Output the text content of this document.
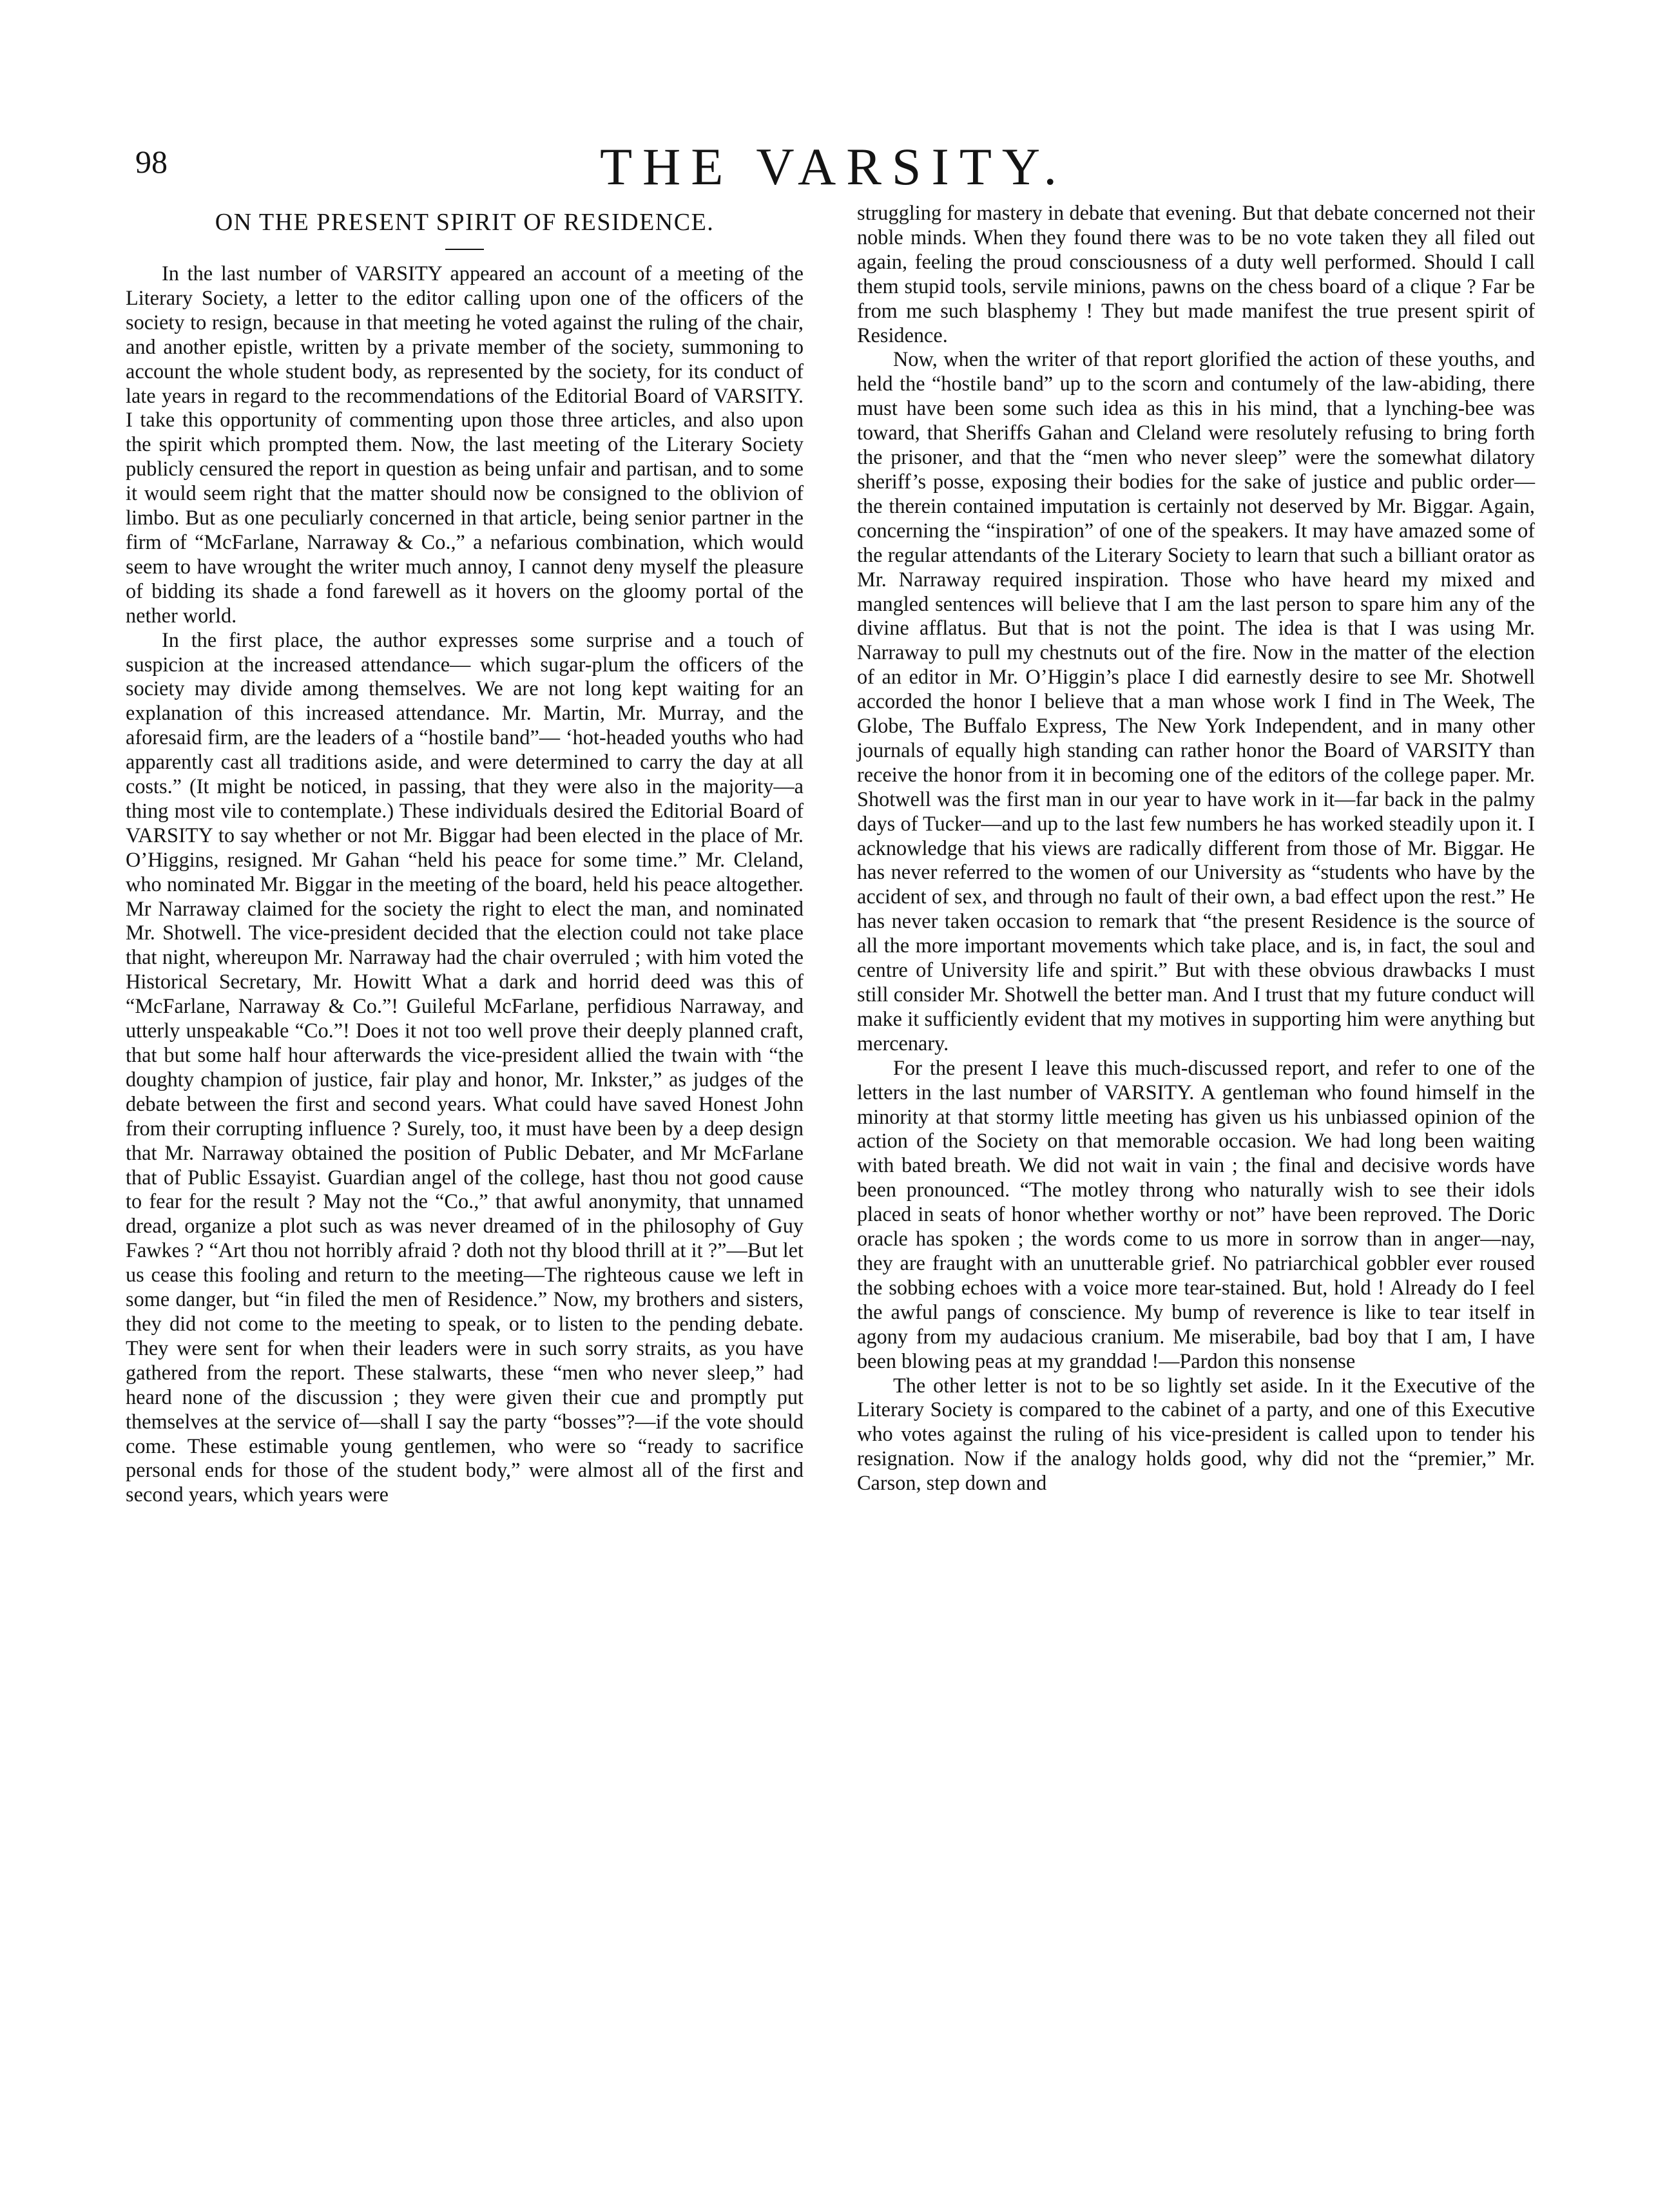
98	THE VARSITY.
ON THE PRESENT SPIRIT OF RESIDENCE.

In the last number of VARSITY appeared an account of a meeting of the Literary Society, a letter to the editor calling upon one of the officers of the society to resign, because in that meeting he voted against the ruling of the chair, and another epistle, written by a private member of the society, summoning to account the whole student body, as represented by the society, for its conduct of late years in regard to the recommendations of the Editorial Board of VARSITY. I take this opportunity of commenting upon those three articles, and also upon the spirit which prompted them. Now, the last meeting of the Literary Society publicly censured the report in question as being unfair and partisan, and to some it would seem right that the matter should now be consigned to the oblivion of limbo. But as one peculiarly concerned in that article, being senior partner in the firm of “McFarlane, Narraway & Co.,” a nefarious combination, which would seem to have wrought the writer much annoy, I cannot deny myself the pleasure of bidding its shade a fond farewell as it hovers on the gloomy portal of the nether world.

In the first place, the author expresses some surprise and a touch of suspicion at the increased attendance— which sugar-plum the officers of the society may divide among themselves. We are not long kept waiting for an explanation of this increased attendance. Mr. Martin, Mr. Murray, and the aforesaid firm, are the leaders of a “hostile band”— ‘hot-headed youths who had apparently cast all traditions aside, and were determined to carry the day at all costs.” (It might be noticed, in passing, that they were also in the majority—a thing most vile to contemplate.) These individuals desired the Editorial Board of VARSITY to say whether or not Mr. Biggar had been elected in the place of Mr. O’Higgins, resigned. Mr Gahan “held his peace for some time.” Mr. Cleland, who nominated Mr. Biggar in the meeting of the board, held his peace altogether. Mr Narraway claimed for the society the right to elect the man, and nominated Mr. Shotwell. The vice-president decided that the election could not take place that night, whereupon Mr. Narraway had the chair overruled ; with him voted the Historical Secretary, Mr. Howitt What a dark and horrid deed was this of “McFarlane, Narraway & Co.”! Guileful McFarlane, perfidious Narraway, and utterly unspeakable “Co.”! Does it not too well prove their deeply planned craft, that but some half hour afterwards the vice-president allied the twain with “the doughty champion of justice, fair play and honor, Mr. Inkster,” as judges of the debate between the first and second years. What could have saved Honest John from their corrupting influence ? Surely, too, it must have been by a deep design that Mr. Narraway obtained the position of Public Debater, and Mr McFarlane that of Public Essayist. Guardian angel of the college, hast thou not good cause to fear for the result ? May not the “Co.,” that awful anonymity, that unnamed dread, organize a plot such as was never dreamed of in the philosophy of Guy Fawkes ? “Art thou not horribly afraid ? doth not thy blood thrill at it ?”—But let us cease this fooling and return to the meeting—The righteous cause we left in some danger, but “in filed the men of Residence.” Now, my brothers and sisters, they did not come to the meeting to speak, or to listen to the pending debate. They were sent for when their leaders were in such sorry straits, as you have gathered from the report. These stalwarts, these “men who never sleep,” had heard none of the discussion ; they were given their cue and promptly put themselves at the service of—shall I say the party “bosses”?—if the vote should come. These estimable young gentlemen, who were so “ready to sacrifice personal ends for those of the student body,” were almost all of the first and second years, which years were

struggling for mastery in debate that evening. But that debate concerned not their noble minds. When they found there was to be no vote taken they all filed out again, feeling the proud consciousness of a duty well performed. Should I call them stupid tools, servile minions, pawns on the chess board of a clique ? Far be from me such blasphemy ! They but made manifest the true present spirit of Residence.

Now, when the writer of that report glorified the action of these youths, and held the “hostile band” up to the scorn and contumely of the law-abiding, there must have been some such idea as this in his mind, that a lynching-bee was toward, that Sheriffs Gahan and Cleland were resolutely refusing to bring forth the prisoner, and that the “men who never sleep” were the somewhat dilatory sheriff’s posse, exposing their bodies for the sake of justice and public order—the therein contained imputation is certainly not deserved by Mr. Biggar. Again, concerning the “inspiration” of one of the speakers. It may have amazed some of the regular attendants of the Literary Society to learn that such a billiant orator as Mr. Narraway required inspiration. Those who have heard my mixed and mangled sentences will believe that I am the last person to spare him any of the divine afflatus. But that is not the point. The idea is that I was using Mr. Narraway to pull my chestnuts out of the fire. Now in the matter of the election of an editor in Mr. O’Higgin’s place I did earnestly desire to see Mr. Shotwell accorded the honor I believe that a man whose work I find in The Week, The Globe, The Buffalo Express, The New York Independent, and in many other journals of equally high standing can rather honor the Board of VARSITY than receive the honor from it in becoming one of the editors of the college paper. Mr. Shotwell was the first man in our year to have work in it—far back in the palmy days of Tucker—and up to the last few numbers he has worked steadily upon it. I acknowledge that his views are radically different from those of Mr. Biggar. He has never referred to the women of our University as “students who have by the accident of sex, and through no fault of their own, a bad effect upon the rest.” He has never taken occasion to remark that “the present Residence is the source of all the more important movements which take place, and is, in fact, the soul and centre of University life and spirit.” But with these obvious drawbacks I must still consider Mr. Shotwell the better man. And I trust that my future conduct will make it sufficiently evident that my motives in supporting him were anything but mercenary.

For the present I leave this much-discussed report, and refer to one of the letters in the last number of VARSITY. A gentleman who found himself in the minority at that stormy little meeting has given us his unbiassed opinion of the action of the Society on that memorable occasion. We had long been waiting with bated breath. We did not wait in vain ; the final and decisive words have been pronounced. “The motley throng who naturally wish to see their idols placed in seats of honor whether worthy or not” have been reproved. The Doric oracle has spoken ; the words come to us more in sorrow than in anger—nay, they are fraught with an unutterable grief. No patriarchical gobbler ever roused the sobbing echoes with a voice more tear-stained. But, hold ! Already do I feel the awful pangs of conscience. My bump of reverence is like to tear itself in agony from my audacious cranium. Me miserabile, bad boy that I am, I have been blowing peas at my granddad !—Pardon this nonsense

The other letter is not to be so lightly set aside. In it the Executive of the Literary Society is compared to the cabinet of a party, and one of this Executive who votes against the ruling of his vice-president is called upon to tender his resignation. Now if the analogy holds good, why did not the “premier,” Mr. Carson, step down and
